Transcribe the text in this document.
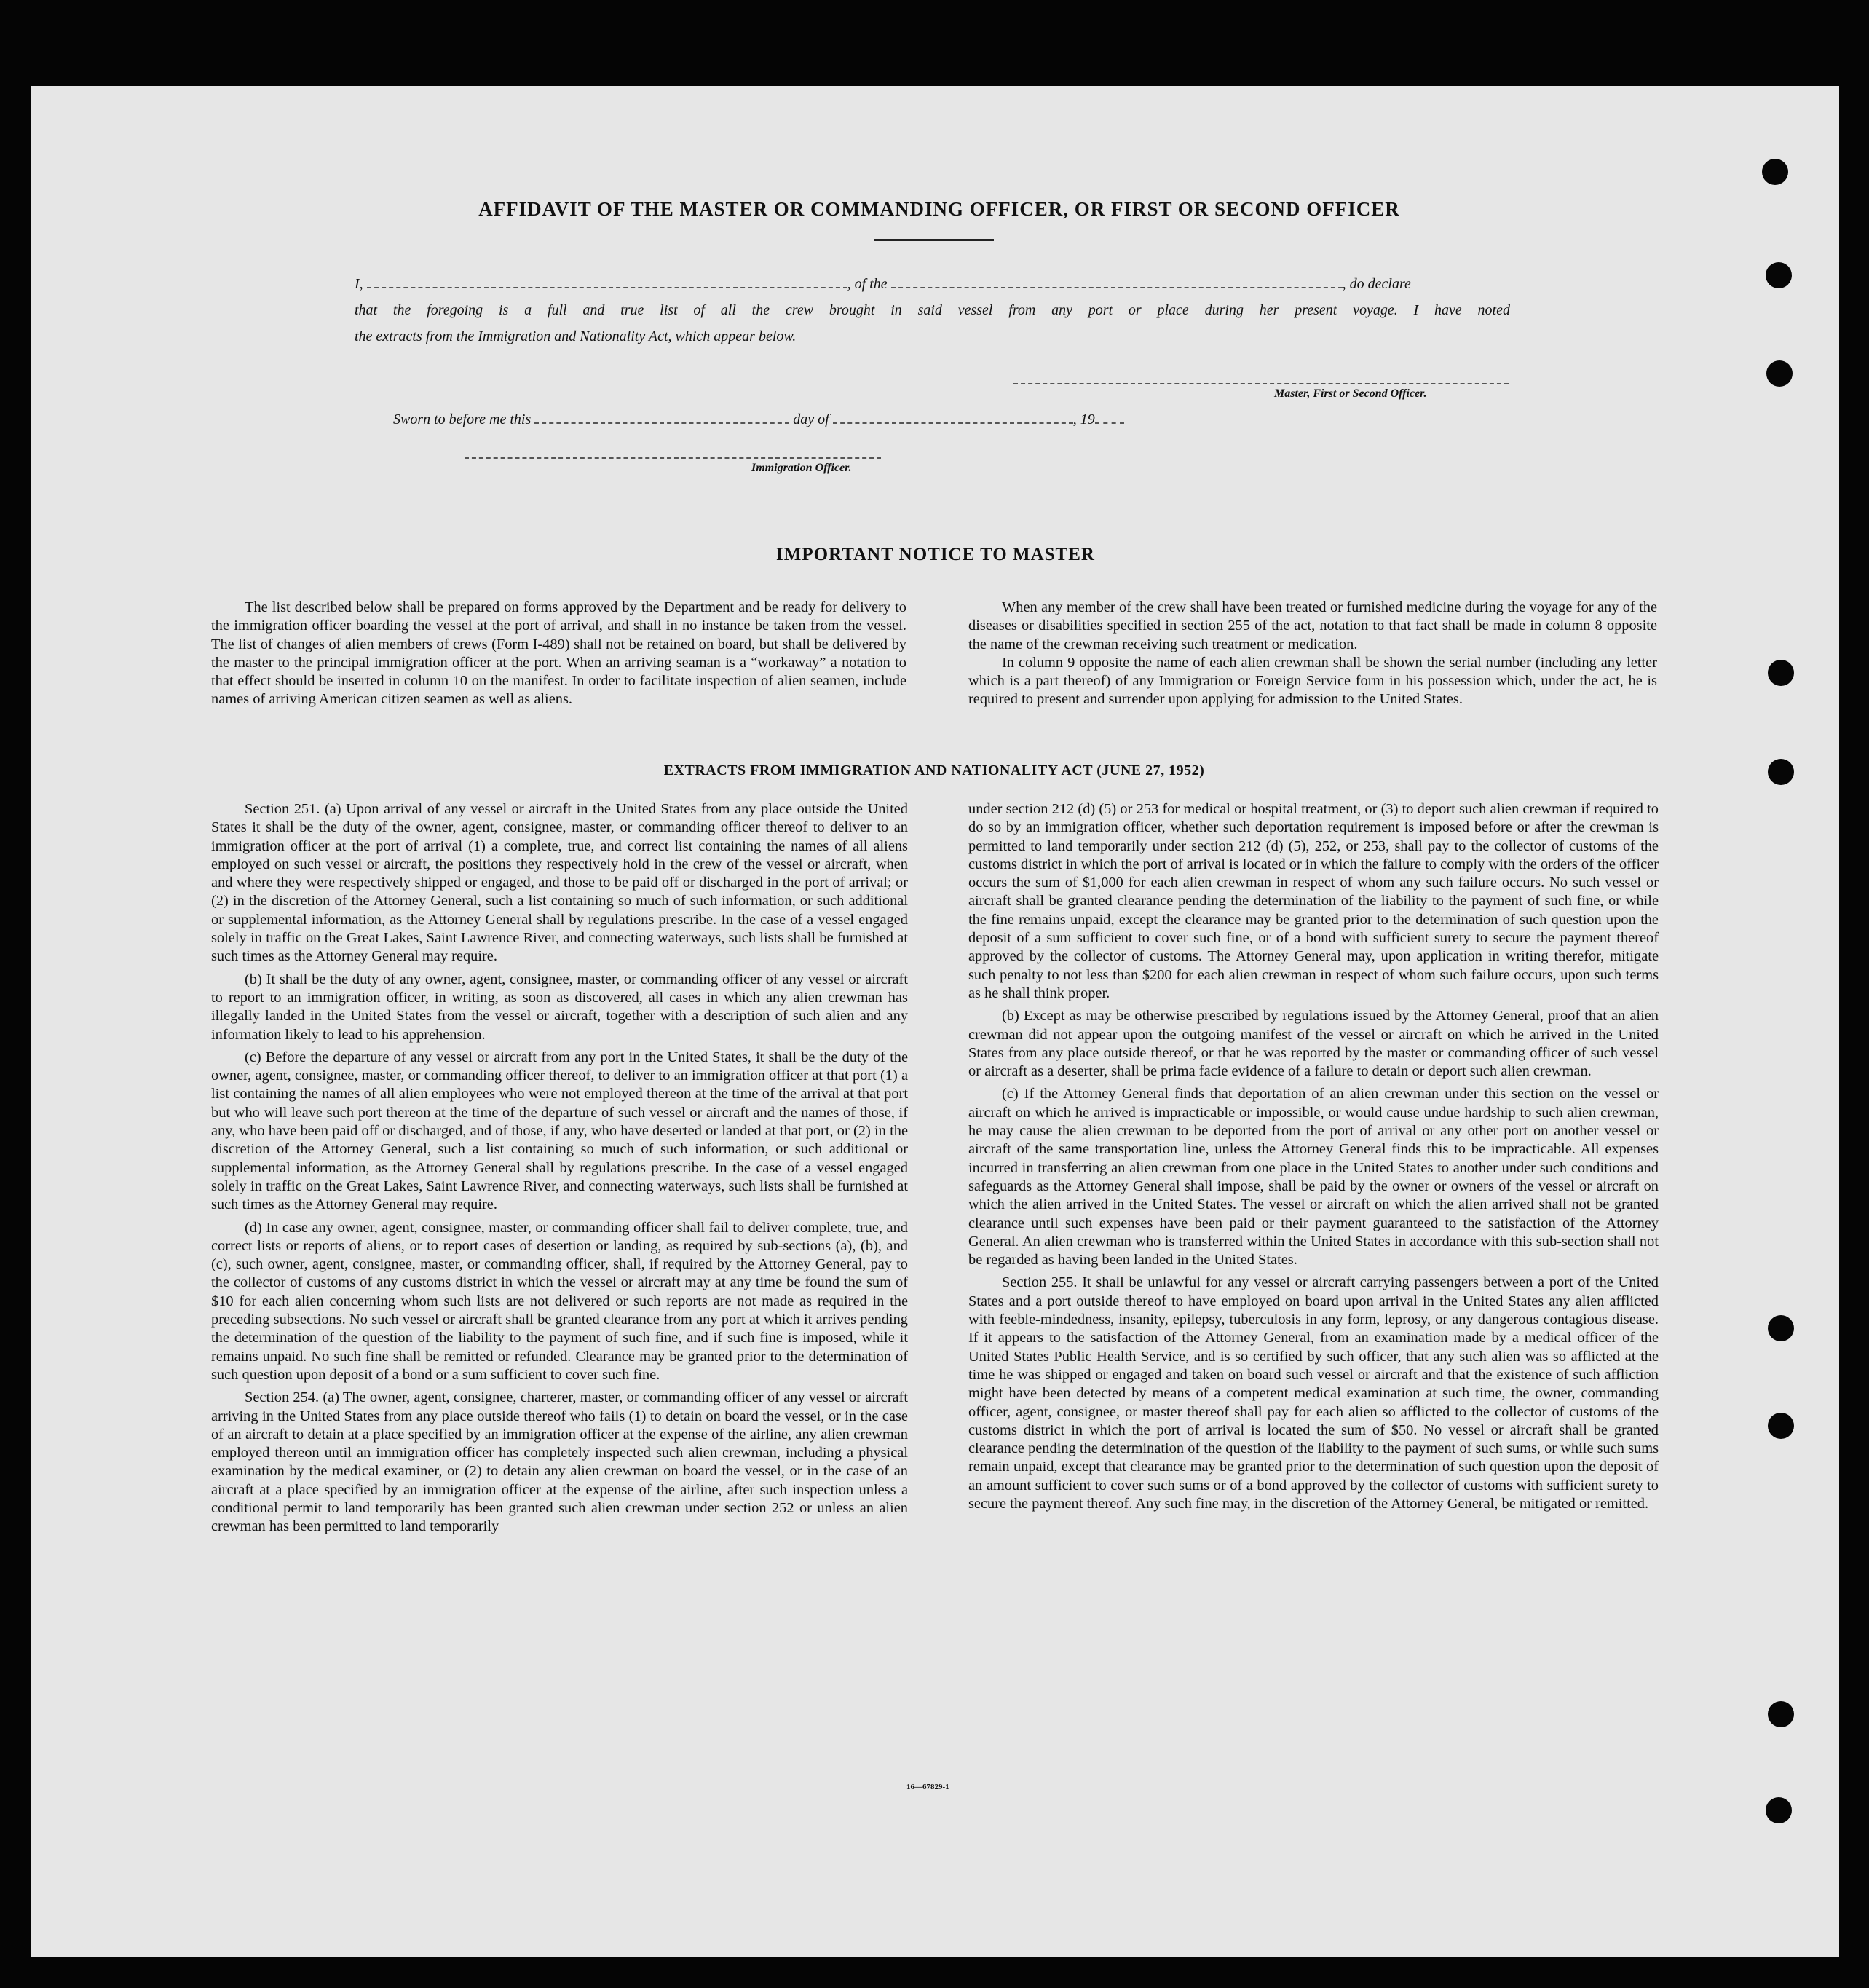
AFFIDAVIT OF THE MASTER OR COMMANDING OFFICER, OR FIRST OR SECOND OFFICER

I,	, of the	, do declare

that the foregoing is a full and true list of all the crew brought in said vessel from any port or place during her present voyage. I have noted

the extracts from the Immigration and Nationality Act, which appear below.

Master, First or Second Officer.
Sworn to before me this	day of	, 19
Immigration Officer.
IMPORTANT NOTICE TO MASTER

The list described below shall be prepared on forms approved by the Department and be ready for delivery to the immigration officer boarding the vessel at the port of arrival, and shall in no instance be taken from the vessel. The list of changes of alien members of crews (Form I-489) shall not be retained on board, but shall be delivered by the master to the principal immigration officer at the port. When an arriving seaman is a “workaway” a notation to that effect should be inserted in column 10 on the manifest. In order to facilitate inspection of alien seamen, include names of arriving American citizen seamen as well as aliens.

When any member of the crew shall have been treated or furnished medicine during the voyage for any of the diseases or disabilities specified in section 255 of the act, notation to that fact shall be made in column 8 opposite the name of the crewman receiving such treatment or medication.

In column 9 opposite the name of each alien crewman shall be shown the serial number (including any letter which is a part thereof) of any Immigration or Foreign Service form in his possession which, under the act, he is required to present and surrender upon applying for admission to the United States.

EXTRACTS FROM IMMIGRATION AND NATIONALITY ACT (JUNE 27, 1952)

Section 251. (a) Upon arrival of any vessel or aircraft in the United States from any place outside the United States it shall be the duty of the owner, agent, consignee, master, or commanding officer thereof to deliver to an immigration officer at the port of arrival (1) a complete, true, and correct list containing the names of all aliens employed on such vessel or aircraft, the positions they respectively hold in the crew of the vessel or aircraft, when and where they were respectively shipped or engaged, and those to be paid off or discharged in the port of arrival; or (2) in the discretion of the Attorney General, such a list containing so much of such information, or such additional or supplemental information, as the Attorney General shall by regulations prescribe. In the case of a vessel engaged solely in traffic on the Great Lakes, Saint Lawrence River, and connecting waterways, such lists shall be furnished at such times as the Attorney General may require.

(b) It shall be the duty of any owner, agent, consignee, master, or commanding officer of any vessel or aircraft to report to an immigration officer, in writing, as soon as discovered, all cases in which any alien crewman has illegally landed in the United States from the vessel or aircraft, together with a description of such alien and any information likely to lead to his apprehension.

(c) Before the departure of any vessel or aircraft from any port in the United States, it shall be the duty of the owner, agent, consignee, master, or commanding officer thereof, to deliver to an immigration officer at that port (1) a list containing the names of all alien employees who were not employed thereon at the time of the arrival at that port but who will leave such port thereon at the time of the departure of such vessel or aircraft and the names of those, if any, who have been paid off or discharged, and of those, if any, who have deserted or landed at that port, or (2) in the discretion of the Attorney General, such a list containing so much of such information, or such additional or supplemental information, as the Attorney General shall by regulations prescribe. In the case of a vessel engaged solely in traffic on the Great Lakes, Saint Lawrence River, and connecting waterways, such lists shall be furnished at such times as the Attorney General may require.

(d) In case any owner, agent, consignee, master, or commanding officer shall fail to deliver complete, true, and correct lists or reports of aliens, or to report cases of desertion or landing, as required by sub-sections (a), (b), and (c), such owner, agent, consignee, master, or commanding officer, shall, if required by the Attorney General, pay to the collector of customs of any customs district in which the vessel or aircraft may at any time be found the sum of $10 for each alien concerning whom such lists are not delivered or such reports are not made as required in the preceding subsections. No such vessel or aircraft shall be granted clearance from any port at which it arrives pending the determination of the question of the liability to the payment of such fine, and if such fine is imposed, while it remains unpaid. No such fine shall be remitted or refunded. Clearance may be granted prior to the determination of such question upon deposit of a bond or a sum sufficient to cover such fine.

Section 254. (a) The owner, agent, consignee, charterer, master, or commanding officer of any vessel or aircraft arriving in the United States from any place outside thereof who fails (1) to detain on board the vessel, or in the case of an aircraft to detain at a place specified by an immigration officer at the expense of the airline, any alien crewman employed thereon until an immigration officer has completely inspected such alien crewman, including a physical examination by the medical examiner, or (2) to detain any alien crewman on board the vessel, or in the case of an aircraft at a place specified by an immigration officer at the expense of the airline, after such inspection unless a conditional permit to land temporarily has been granted such alien crewman under section 252 or unless an alien crewman has been permitted to land temporarily

under section 212 (d) (5) or 253 for medical or hospital treatment, or (3) to deport such alien crewman if required to do so by an immigration officer, whether such deportation requirement is imposed before or after the crewman is permitted to land temporarily under section 212 (d) (5), 252, or 253, shall pay to the collector of customs of the customs district in which the port of arrival is located or in which the failure to comply with the orders of the officer occurs the sum of $1,000 for each alien crewman in respect of whom any such failure occurs. No such vessel or aircraft shall be granted clearance pending the determination of the liability to the payment of such fine, or while the fine remains unpaid, except the clearance may be granted prior to the determination of such question upon the deposit of a sum sufficient to cover such fine, or of a bond with sufficient surety to secure the payment thereof approved by the collector of customs. The Attorney General may, upon application in writing therefor, mitigate such penalty to not less than $200 for each alien crewman in respect of whom such failure occurs, upon such terms as he shall think proper.

(b) Except as may be otherwise prescribed by regulations issued by the Attorney General, proof that an alien crewman did not appear upon the outgoing manifest of the vessel or aircraft on which he arrived in the United States from any place outside thereof, or that he was reported by the master or commanding officer of such vessel or aircraft as a deserter, shall be prima facie evidence of a failure to detain or deport such alien crewman.

(c) If the Attorney General finds that deportation of an alien crewman under this section on the vessel or aircraft on which he arrived is impracticable or impossible, or would cause undue hardship to such alien crewman, he may cause the alien crewman to be deported from the port of arrival or any other port on another vessel or aircraft of the same transportation line, unless the Attorney General finds this to be impracticable. All expenses incurred in transferring an alien crewman from one place in the United States to another under such conditions and safeguards as the Attorney General shall impose, shall be paid by the owner or owners of the vessel or aircraft on which the alien arrived in the United States. The vessel or aircraft on which the alien arrived shall not be granted clearance until such expenses have been paid or their payment guaranteed to the satisfaction of the Attorney General. An alien crewman who is transferred within the United States in accordance with this sub-section shall not be regarded as having been landed in the United States.

Section 255. It shall be unlawful for any vessel or aircraft carrying passengers between a port of the United States and a port outside thereof to have employed on board upon arrival in the United States any alien afflicted with feeble-mindedness, insanity, epilepsy, tuberculosis in any form, leprosy, or any dangerous contagious disease. If it appears to the satisfaction of the Attorney General, from an examination made by a medical officer of the United States Public Health Service, and is so certified by such officer, that any such alien was so afflicted at the time he was shipped or engaged and taken on board such vessel or aircraft and that the existence of such affliction might have been detected by means of a competent medical examination at such time, the owner, commanding officer, agent, consignee, or master thereof shall pay for each alien so afflicted to the collector of customs of the customs district in which the port of arrival is located the sum of $50. No vessel or aircraft shall be granted clearance pending the determination of the question of the liability to the payment of such sums, or while such sums remain unpaid, except that clearance may be granted prior to the determination of such question upon the deposit of an amount sufficient to cover such sums or of a bond approved by the collector of customs with sufficient surety to secure the payment thereof. Any such fine may, in the discretion of the Attorney General, be mitigated or remitted.

16—67829-1
